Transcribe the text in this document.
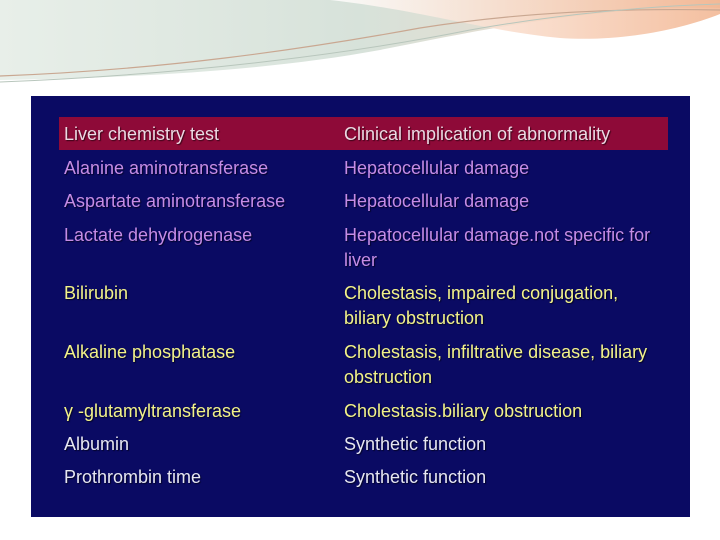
Liver chemistry test	Clinical implication of abnormality
Alanine aminotransferase	Hepatocellular damage
Aspartate aminotransferase	Hepatocellular damage
Lactate dehydrogenase	Hepatocellular damage.not specific for liver
Bilirubin	Cholestasis, impaired conjugation, biliary obstruction
Alkaline phosphatase	Cholestasis, infiltrative disease, biliary obstruction
γ -glutamyltransferase	Cholestasis.biliary obstruction
Albumin	Synthetic function
Prothrombin time	Synthetic function
